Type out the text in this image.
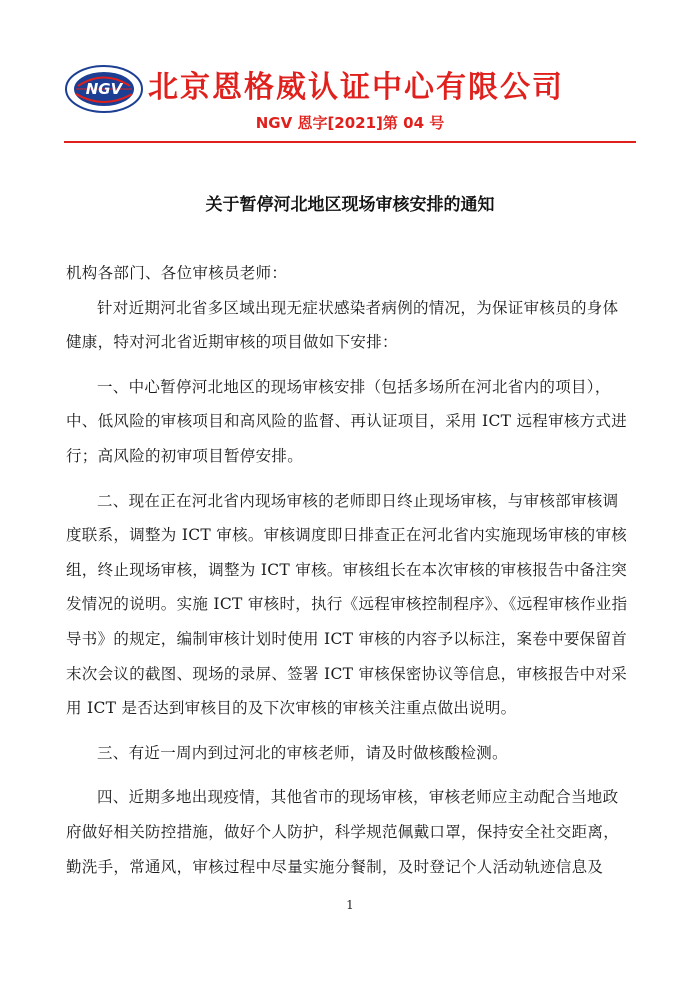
NGV 北京恩格威认证中心有限公司
NGV 恩字[2021]第 04 号
关于暂停河北地区现场审核安排的通知

机构各部门、各位审核员老师：

针对近期河北省多区域出现无症状感染者病例的情况，为保证审核员的身体健康，特对河北省近期审核的项目做如下安排：

一、中心暂停河北地区的现场审核安排（包括多场所在河北省内的项目），中、低风险的审核项目和高风险的监督、再认证项目，采用 ICT 远程审核方式进行；高风险的初审项目暂停安排。

二、现在正在河北省内现场审核的老师即日终止现场审核，与审核部审核调度联系，调整为 ICT 审核。审核调度即日排查正在河北省内实施现场审核的审核组，终止现场审核，调整为 ICT 审核。审核组长在本次审核的审核报告中备注突发情况的说明。实施 ICT 审核时，执行《远程审核控制程序》、《远程审核作业指导书》的规定，编制审核计划时使用 ICT 审核的内容予以标注，案卷中要保留首末次会议的截图、现场的录屏、签署 ICT 审核保密协议等信息，审核报告中对采用 ICT 是否达到审核目的及下次审核的审核关注重点做出说明。

三、有近一周内到过河北的审核老师，请及时做核酸检测。

四、近期多地出现疫情，其他省市的现场审核，审核老师应主动配合当地政府做好相关防控措施，做好个人防护，科学规范佩戴口罩，保持安全社交距离，勤洗手，常通风，审核过程中尽量实施分餐制，及时登记个人活动轨迹信息及

1
